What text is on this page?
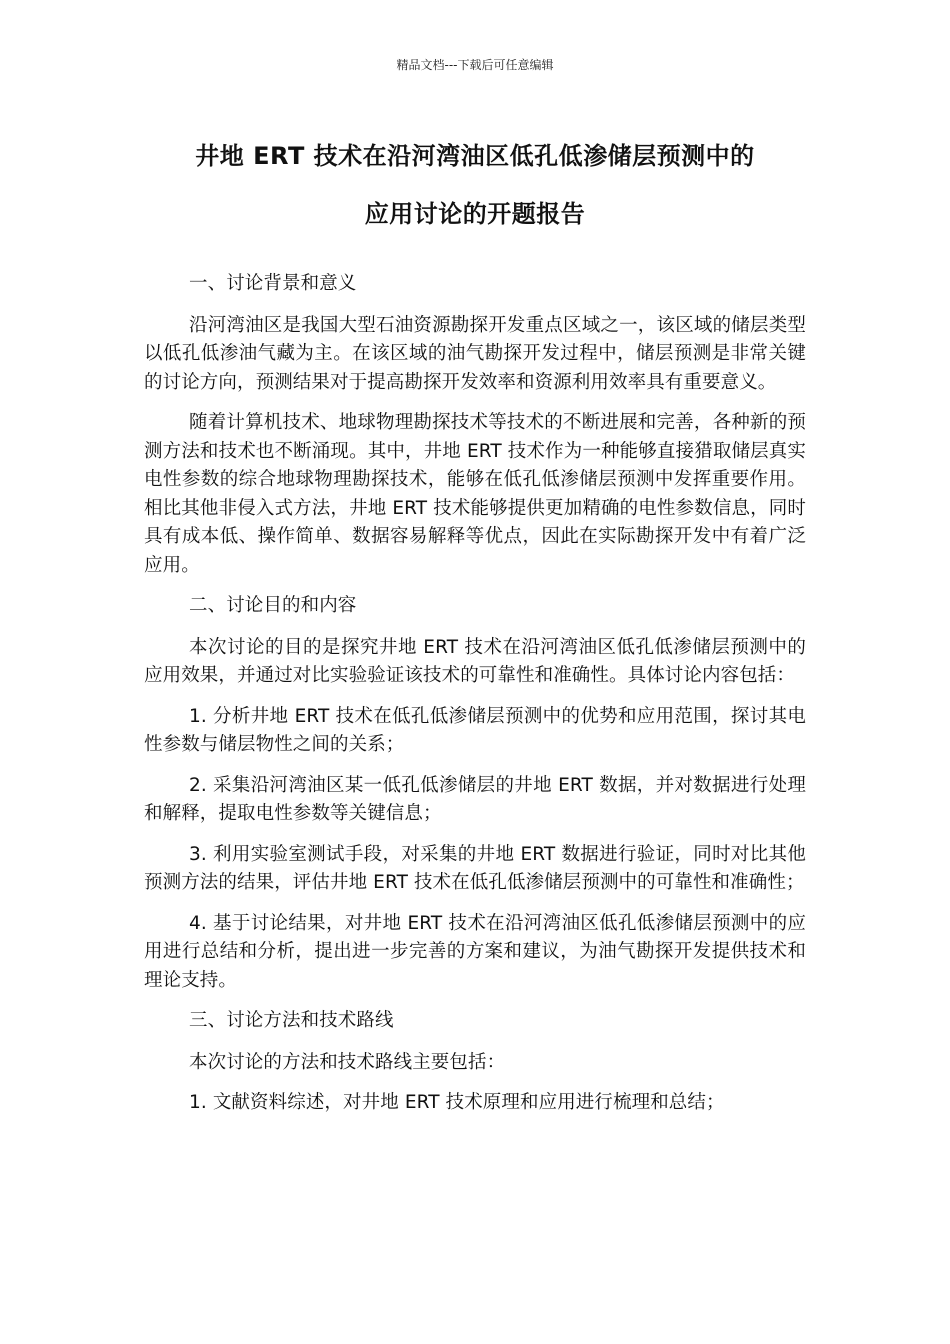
精品文档---下载后可任意编辑
井地 ERT 技术在沿河湾油区低孔低渗储层预测中的
应用讨论的开题报告

一、讨论背景和意义

沿河湾油区是我国大型石油资源勘探开发重点区域之一，该区域的储层类型以低孔低渗油气藏为主。在该区域的油气勘探开发过程中，储层预测是非常关键的讨论方向，预测结果对于提高勘探开发效率和资源利用效率具有重要意义。

随着计算机技术、地球物理勘探技术等技术的不断进展和完善，各种新的预测方法和技术也不断涌现。其中，井地 ERT 技术作为一种能够直接猎取储层真实电性参数的综合地球物理勘探技术，能够在低孔低渗储层预测中发挥重要作用。相比其他非侵入式方法，井地 ERT 技术能够提供更加精确的电性参数信息，同时具有成本低、操作简单、数据容易解释等优点，因此在实际勘探开发中有着广泛应用。

二、讨论目的和内容

本次讨论的目的是探究井地 ERT 技术在沿河湾油区低孔低渗储层预测中的应用效果，并通过对比实验验证该技术的可靠性和准确性。具体讨论内容包括：

1. 分析井地 ERT 技术在低孔低渗储层预测中的优势和应用范围，探讨其电性参数与储层物性之间的关系；

2. 采集沿河湾油区某一低孔低渗储层的井地 ERT 数据，并对数据进行处理和解释，提取电性参数等关键信息；

3. 利用实验室测试手段，对采集的井地 ERT 数据进行验证，同时对比其他预测方法的结果，评估井地 ERT 技术在低孔低渗储层预测中的可靠性和准确性；

4. 基于讨论结果，对井地 ERT 技术在沿河湾油区低孔低渗储层预测中的应用进行总结和分析，提出进一步完善的方案和建议，为油气勘探开发提供技术和理论支持。

三、讨论方法和技术路线

本次讨论的方法和技术路线主要包括：

1. 文献资料综述，对井地 ERT 技术原理和应用进行梳理和总结；
